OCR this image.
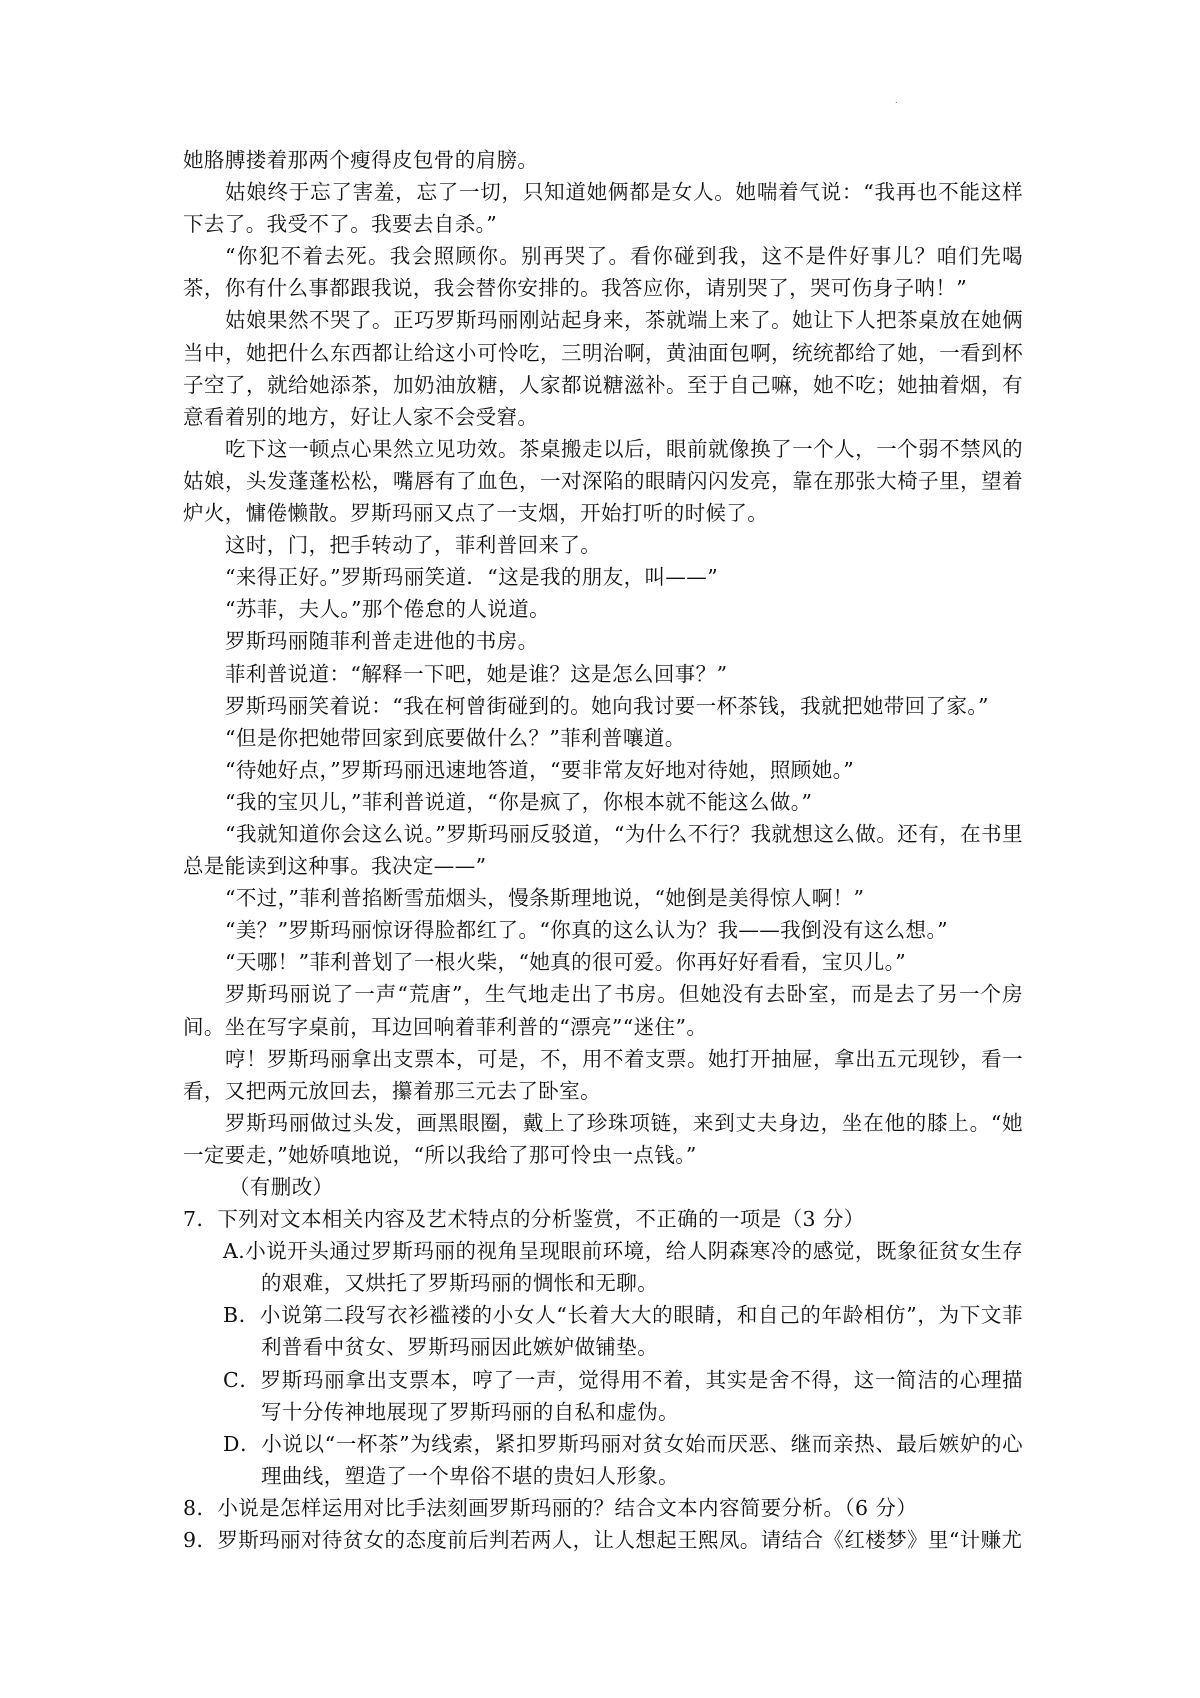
.

她胳膊搂着那两个瘦得皮包骨的肩膀。

姑娘终于忘了害羞，忘了一切，只知道她俩都是女人。她喘着气说：“我再也不能这样下去了。我受不了。我要去自杀。”

“你犯不着去死。我会照顾你。别再哭了。看你碰到我，这不是件好事儿？咱们先喝茶，你有什么事都跟我说，我会替你安排的。我答应你，请别哭了，哭可伤身子呐！”

姑娘果然不哭了。正巧罗斯玛丽刚站起身来，茶就端上来了。她让下人把茶桌放在她俩当中，她把什么东西都让给这小可怜吃，三明治啊，黄油面包啊，统统都给了她，一看到杯子空了，就给她添茶，加奶油放糖，人家都说糖滋补。至于自己嘛，她不吃；她抽着烟，有意看着别的地方，好让人家不会受窘。

吃下这一顿点心果然立见功效。茶桌搬走以后，眼前就像换了一个人，一个弱不禁风的姑娘，头发蓬蓬松松，嘴唇有了血色，一对深陷的眼睛闪闪发亮，靠在那张大椅子里，望着炉火，慵倦懒散。罗斯玛丽又点了一支烟，开始打听的时候了。

这时，门，把手转动了，菲利普回来了。

“来得正好。”罗斯玛丽笑道．“这是我的朋友，叫——”

“苏菲，夫人。”那个倦怠的人说道。

罗斯玛丽随菲利普走进他的书房。

菲利普说道：“解释一下吧，她是谁？这是怎么回事？”

罗斯玛丽笑着说：“我在柯曾街碰到的。她向我讨要一杯茶钱，我就把她带回了家。”

“但是你把她带回家到底要做什么？”菲利普嚷道。

“待她好点，”罗斯玛丽迅速地答道，“要非常友好地对待她，照顾她。”

“我的宝贝儿，”菲利普说道，“你是疯了，你根本就不能这么做。”

“我就知道你会这么说。”罗斯玛丽反驳道，“为什么不行？我就想这么做。还有，在书里总是能读到这种事。我决定——”

“不过，”菲利普掐断雪茄烟头，慢条斯理地说，“她倒是美得惊人啊！”

“美？”罗斯玛丽惊讶得脸都红了。“你真的这么认为？我——我倒没有这么想。”

“天哪！”菲利普划了一根火柴，“她真的很可爱。你再好好看看，宝贝儿。”

罗斯玛丽说了一声“荒唐”，生气地走出了书房。但她没有去卧室，而是去了另一个房间。坐在写字桌前，耳边回响着菲利普的“漂亮”“迷住”。

哼！罗斯玛丽拿出支票本，可是，不，用不着支票。她打开抽屉，拿出五元现钞，看一看，又把两元放回去，攥着那三元去了卧室。

罗斯玛丽做过头发，画黑眼圈，戴上了珍珠项链，来到丈夫身边，坐在他的膝上。“她一定要走，”她娇嗔地说，“所以我给了那可怜虫一点钱。”

（有删改）

7．下列对文本相关内容及艺术特点的分析鉴赏，不正确的一项是（3 分）

A.小说开头通过罗斯玛丽的视角呈现眼前环境，给人阴森寒冷的感觉，既象征贫女生存的艰难，又烘托了罗斯玛丽的惆怅和无聊。

B．小说第二段写衣衫褴褛的小女人“长着大大的眼睛，和自己的年龄相仿”，为下文菲利普看中贫女、罗斯玛丽因此嫉妒做铺垫。

C．罗斯玛丽拿出支票本，哼了一声，觉得用不着，其实是舍不得，这一简洁的心理描写十分传神地展现了罗斯玛丽的自私和虚伪。

D．小说以“一杯茶”为线索，紧扣罗斯玛丽对贫女始而厌恶、继而亲热、最后嫉妒的心理曲线，塑造了一个卑俗不堪的贵妇人形象。

8．小说是怎样运用对比手法刻画罗斯玛丽的？结合文本内容简要分析。（6 分）

9．罗斯玛丽对待贫女的态度前后判若两人，让人想起王熙凤。请结合《红楼梦》里“计赚尤
